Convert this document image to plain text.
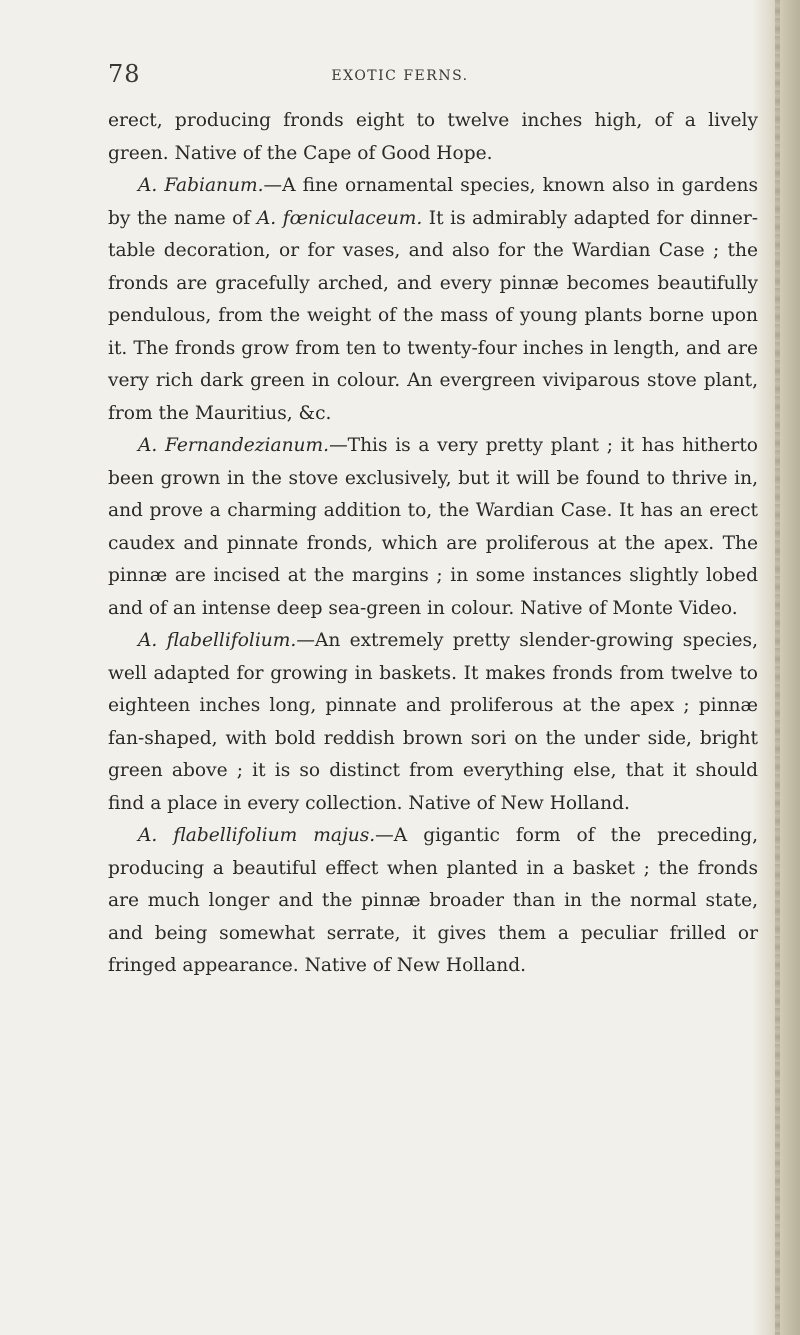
78	EXOTIC FERNS.

erect, producing fronds eight to twelve inches high, of a lively green. Native of the Cape of Good Hope.

A. Fabianum.—A fine ornamental species, known also in gardens by the name of A. fœniculaceum. It is admirably adapted for dinner-table decoration, or for vases, and also for the Wardian Case ; the fronds are gracefully arched, and every pinnæ becomes beautifully pendulous, from the weight of the mass of young plants borne upon it. The fronds grow from ten to twenty-four inches in length, and are very rich dark green in colour. An evergreen viviparous stove plant, from the Mauritius, &c.

A. Fernandezianum.—This is a very pretty plant ; it has hitherto been grown in the stove exclusively, but it will be found to thrive in, and prove a charming addition to, the Wardian Case. It has an erect caudex and pinnate fronds, which are proliferous at the apex. The pinnæ are incised at the margins ; in some instances slightly lobed and of an intense deep sea-green in colour. Native of Monte Video.

A. flabellifolium.—An extremely pretty slender-growing species, well adapted for growing in baskets. It makes fronds from twelve to eighteen inches long, pinnate and proliferous at the apex ; pinnæ fan-shaped, with bold reddish brown sori on the under side, bright green above ; it is so distinct from everything else, that it should find a place in every collection. Native of New Holland.

A. flabellifolium majus.—A gigantic form of the preceding, producing a beautiful effect when planted in a basket ; the fronds are much longer and the pinnæ broader than in the normal state, and being somewhat serrate, it gives them a peculiar frilled or fringed appearance. Native of New Holland.
